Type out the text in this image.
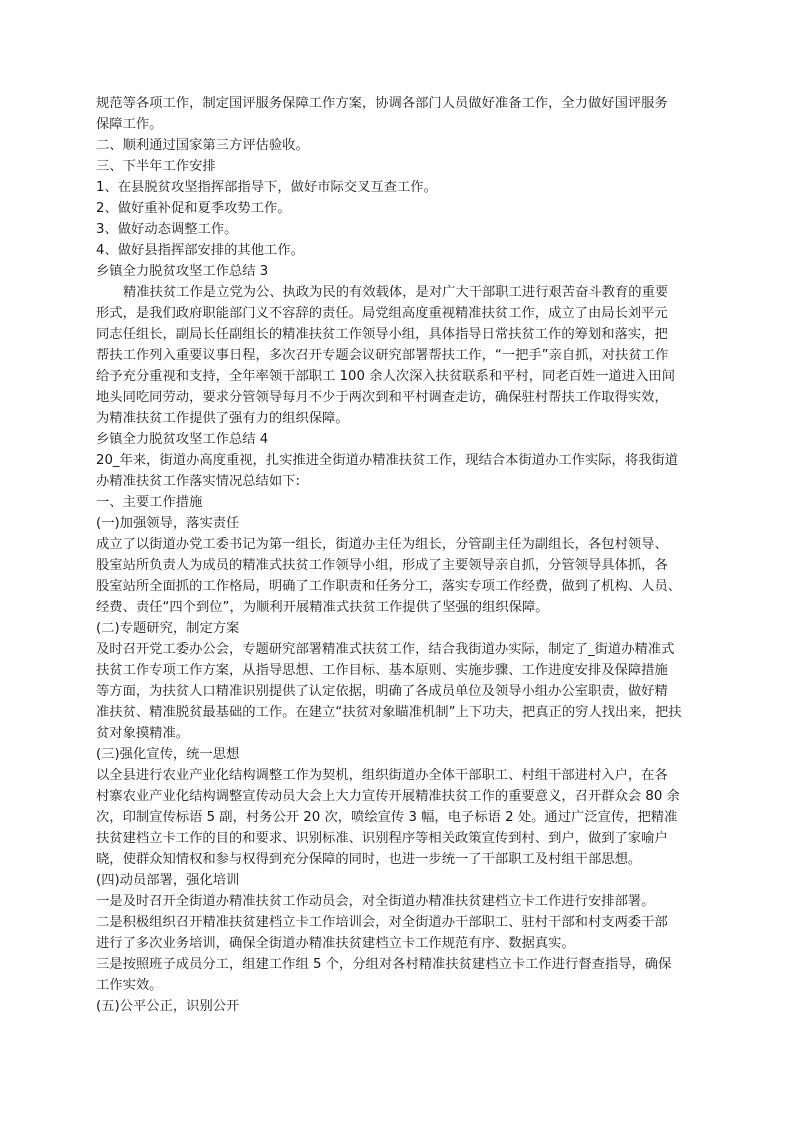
规范等各项工作，制定国评服务保障工作方案，协调各部门人员做好准备工作，全力做好国评服务

保障工作。

二、顺利通过国家第三方评估验收。

三、下半年工作安排

1、在县脱贫攻坚指挥部指导下，做好市际交叉互查工作。

2、做好重补促和夏季攻势工作。

3、做好动态调整工作。

4、做好县指挥部安排的其他工作。

乡镇全力脱贫攻坚工作总结 3

精准扶贫工作是立党为公、执政为民的有效载体，是对广大干部职工进行艰苦奋斗教育的重要

形式，是我们政府职能部门义不容辞的责任。局党组高度重视精准扶贫工作，成立了由局长刘平元

同志任组长，副局长任副组长的精准扶贫工作领导小组，具体指导日常扶贫工作的筹划和落实，把

帮扶工作列入重要议事日程，多次召开专题会议研究部署帮扶工作，“一把手”亲自抓，对扶贫工作

给予充分重视和支持，全年率领干部职工 100 余人次深入扶贫联系和平村，同老百姓一道进入田间

地头同吃同劳动，要求分管领导每月不少于两次到和平村调查走访，确保驻村帮扶工作取得实效，

为精准扶贫工作提供了强有力的组织保障。

乡镇全力脱贫攻坚工作总结 4

20_年来，街道办高度重视，扎实推进全街道办精准扶贫工作，现结合本街道办工作实际，将我街道

办精准扶贫工作落实情况总结如下:

一、主要工作措施

(一)加强领导，落实责任

成立了以街道办党工委书记为第一组长，街道办主任为组长，分管副主任为副组长，各包村领导、

股室站所负责人为成员的精准式扶贫工作领导小组，形成了主要领导亲自抓，分管领导具体抓，各

股室站所全面抓的工作格局，明确了工作职责和任务分工，落实专项工作经费，做到了机构、人员、

经费、责任“四个到位”，为顺利开展精准式扶贫工作提供了坚强的组织保障。

(二)专题研究，制定方案

及时召开党工委办公会，专题研究部署精准式扶贫工作，结合我街道办实际，制定了_街道办精准式

扶贫工作专项工作方案，从指导思想、工作目标、基本原则、实施步骤、工作进度安排及保障措施

等方面，为扶贫人口精准识别提供了认定依据，明确了各成员单位及领导小组办公室职责，做好精

准扶贫、精准脱贫最基础的工作。在建立“扶贫对象瞄准机制”上下功夫，把真正的穷人找出来，把扶

贫对象摸精准。

(三)强化宣传，统一思想

以全县进行农业产业化结构调整工作为契机，组织街道办全体干部职工、村组干部进村入户，在各

村寨农业产业化结构调整宣传动员大会上大力宣传开展精准扶贫工作的重要意义，召开群众会 80 余

次，印制宣传标语 5 副，村务公开 20 次，喷绘宣传 3 幅，电子标语 2 处。通过广泛宣传，把精准

扶贫建档立卡工作的目的和要求、识别标准、识别程序等相关政策宣传到村、到户，做到了家喻户

晓，使群众知情权和参与权得到充分保障的同时，也进一步统一了干部职工及村组干部思想。

(四)动员部署，强化培训

一是及时召开全街道办精准扶贫工作动员会，对全街道办精准扶贫建档立卡工作进行安排部署。

二是积极组织召开精准扶贫建档立卡工作培训会，对全街道办干部职工、驻村干部和村支两委干部

进行了多次业务培训，确保全街道办精准扶贫建档立卡工作规范有序、数据真实。

三是按照班子成员分工，组建工作组 5 个，分组对各村精准扶贫建档立卡工作进行督查指导，确保

工作实效。

(五)公平公正，识别公开
